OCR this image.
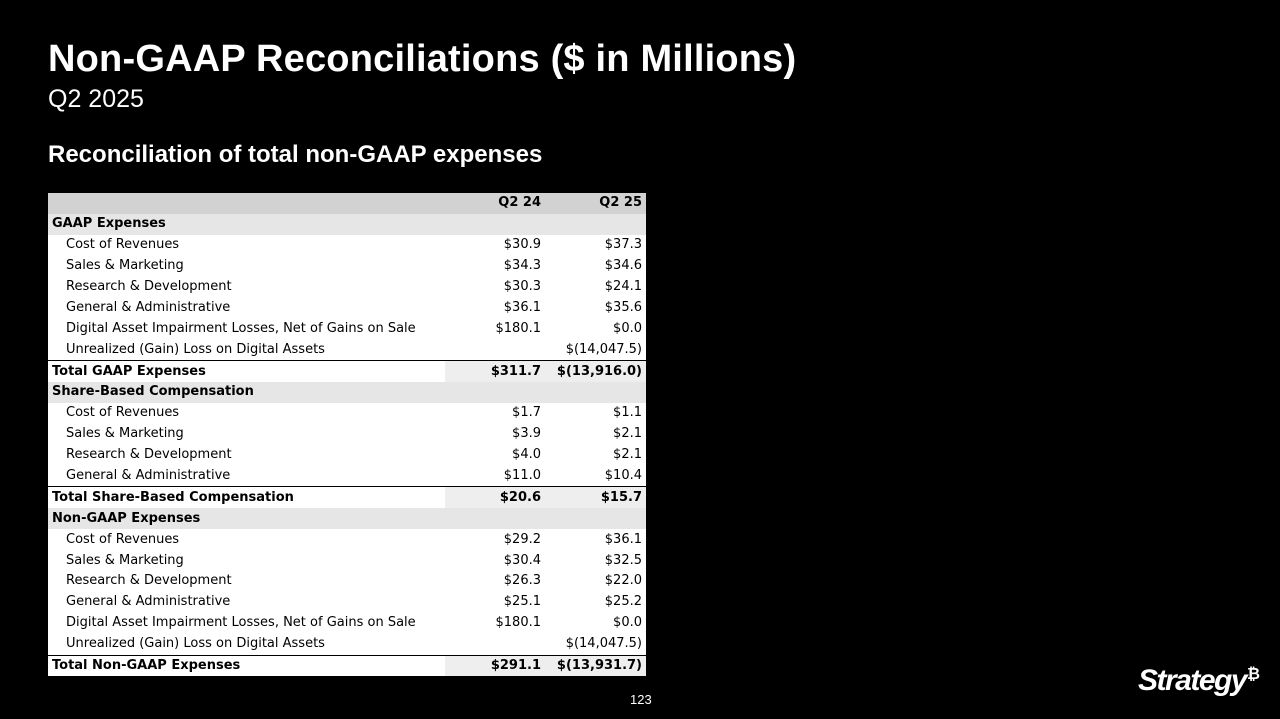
Non-GAAP Reconciliations ($ in Millions)
Q2 2025
Reconciliation of total non-GAAP expenses
	Q2 24	Q2 25
GAAP Expenses		
Cost of Revenues	$30.9	$37.3
Sales & Marketing	$34.3	$34.6
Research & Development	$30.3	$24.1
General & Administrative	$36.1	$35.6
Digital Asset Impairment Losses, Net of Gains on Sale	$180.1	$0.0
Unrealized (Gain) Loss on Digital Assets		$(14,047.5)
Total GAAP Expenses	$311.7	$(13,916.0)
Share-Based Compensation		
Cost of Revenues	$1.7	$1.1
Sales & Marketing	$3.9	$2.1
Research & Development	$4.0	$2.1
General & Administrative	$11.0	$10.4
Total Share-Based Compensation	$20.6	$15.7
Non-GAAP Expenses		
Cost of Revenues	$29.2	$36.1
Sales & Marketing	$30.4	$32.5
Research & Development	$26.3	$22.0
General & Administrative	$25.1	$25.2
Digital Asset Impairment Losses, Net of Gains on Sale	$180.1	$0.0
Unrealized (Gain) Loss on Digital Assets		$(14,047.5)
Total Non-GAAP Expenses	$291.1	$(13,931.7)
123
Strategy₿
